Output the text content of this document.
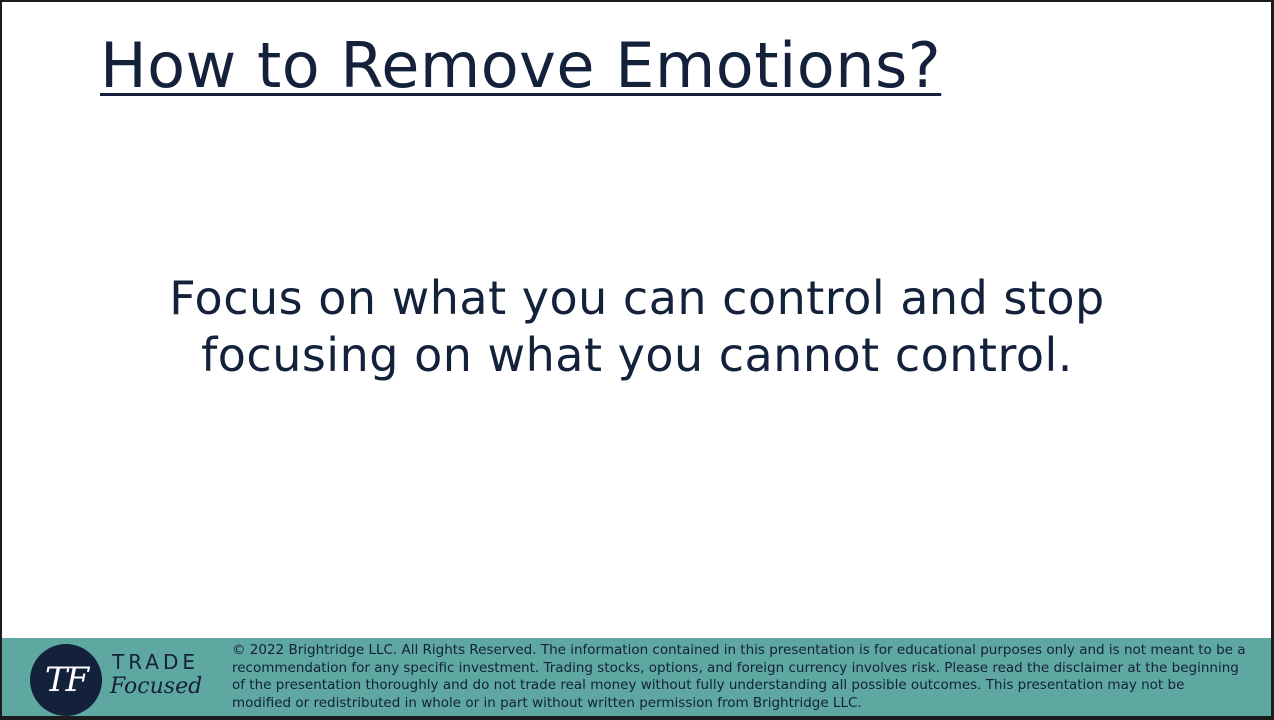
How to Remove Emotions?

Focus on what you can control and stop
focusing on what you cannot control.

TF TRADE
Focused

© 2022 Brightridge LLC. All Rights Reserved. The information contained in this presentation is for educational purposes only and is not meant to be a recommendation for any specific investment. Trading stocks, options, and foreign currency involves risk. Please read the disclaimer at the beginning of the presentation thoroughly and do not trade real money without fully understanding all possible outcomes. This presentation may not be modified or redistributed in whole or in part without written permission from Brightridge LLC.
